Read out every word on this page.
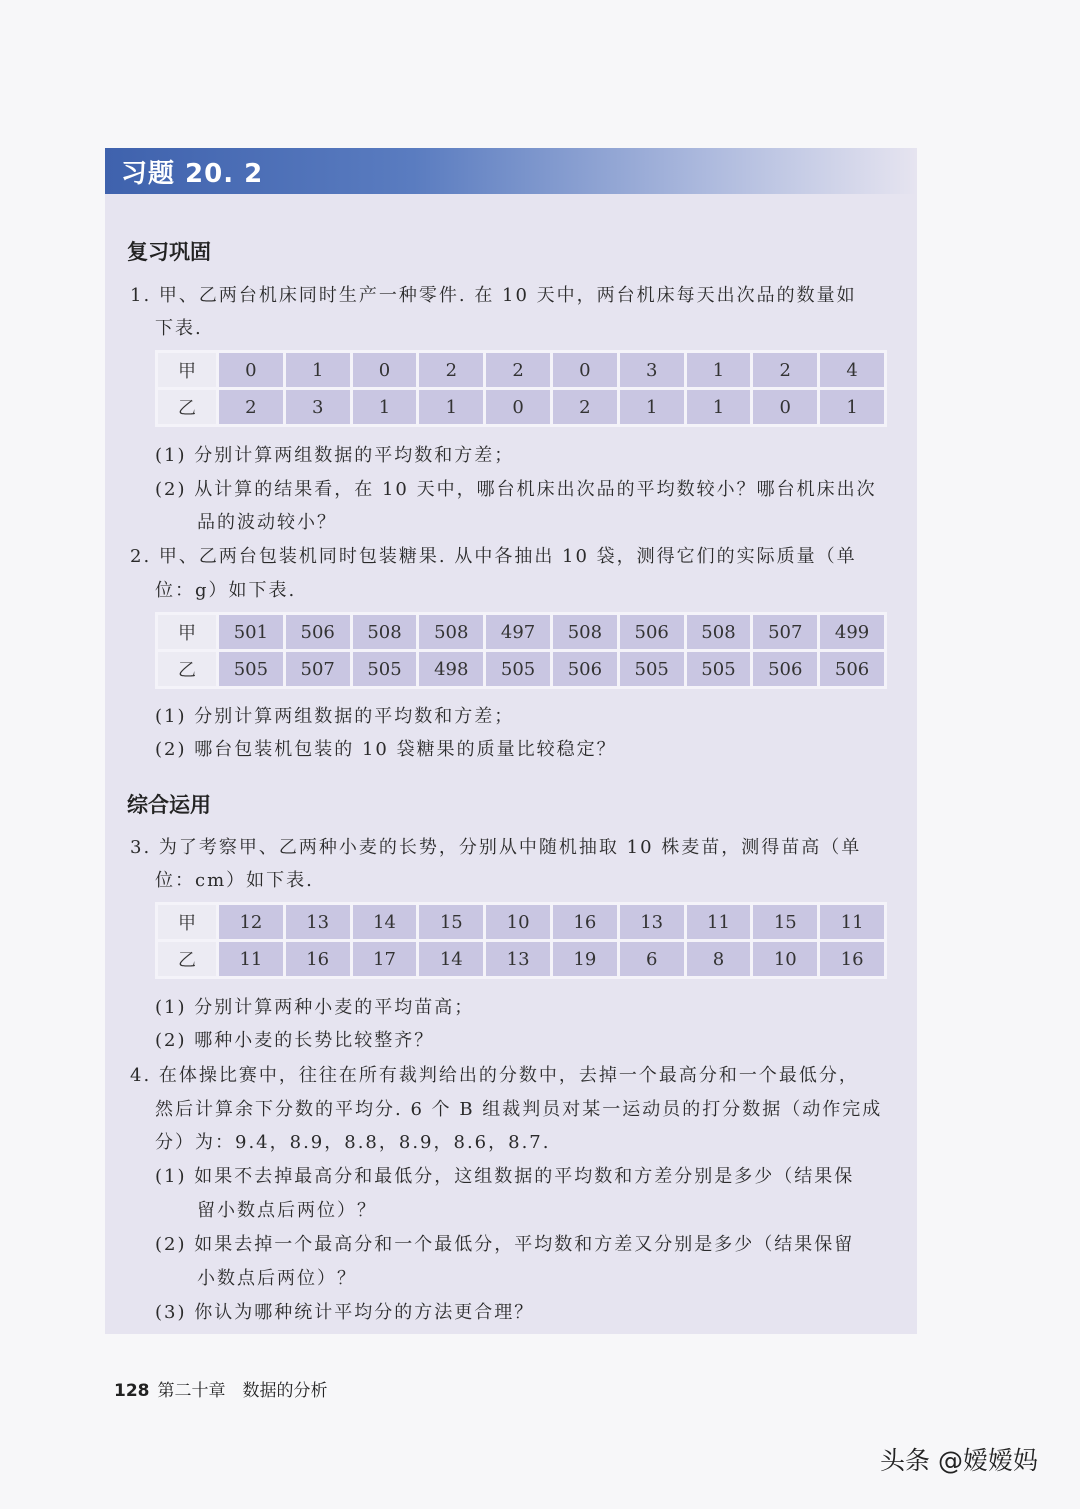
习题 20. 2
复习巩固
1. 甲、乙两台机床同时生产一种零件. 在 10 天中，两台机床每天出次品的数量如
下表.
甲	0	1	0	2	2	0	3	1	2	4
乙	2	3	1	1	0	2	1	1	0	1
(1) 分别计算两组数据的平均数和方差；
(2) 从计算的结果看，在 10 天中，哪台机床出次品的平均数较小？哪台机床出次
品的波动较小？
2. 甲、乙两台包装机同时包装糖果. 从中各抽出 10 袋，测得它们的实际质量（单
位：g）如下表.
甲	501	506	508	508	497	508	506	508	507	499
乙	505	507	505	498	505	506	505	505	506	506
(1) 分别计算两组数据的平均数和方差；
(2) 哪台包装机包装的 10 袋糖果的质量比较稳定？
综合运用
3. 为了考察甲、乙两种小麦的长势，分别从中随机抽取 10 株麦苗，测得苗高（单
位：cm）如下表.
甲	12	13	14	15	10	16	13	11	15	11
乙	11	16	17	14	13	19	6	8	10	16
(1) 分别计算两种小麦的平均苗高；
(2) 哪种小麦的长势比较整齐？
4. 在体操比赛中，往往在所有裁判给出的分数中，去掉一个最高分和一个最低分，
然后计算余下分数的平均分. 6 个 B 组裁判员对某一运动员的打分数据（动作完成
分）为：9.4，8.9，8.8，8.9，8.6，8.7.
(1) 如果不去掉最高分和最低分，这组数据的平均数和方差分别是多少（结果保
留小数点后两位）？
(2) 如果去掉一个最高分和一个最低分，平均数和方差又分别是多少（结果保留
小数点后两位）？
(3) 你认为哪种统计平均分的方法更合理？
128 第二十章　数据的分析
头条 @嫒嫒妈
